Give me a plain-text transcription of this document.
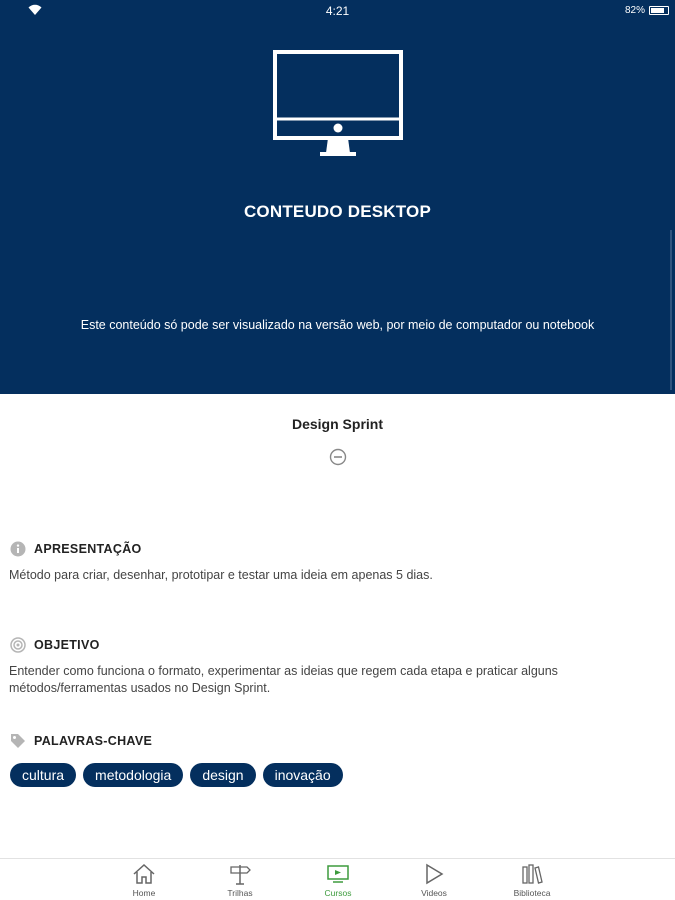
4:21	82%
CONTEUDO DESKTOP
Este conteúdo só pode ser visualizado na versão web, por meio de computador ou notebook
Design Sprint
APRESENTAÇÃO
Método para criar, desenhar, prototipar e testar uma ideia em apenas 5 dias.
OBJETIVO
Entender como funciona o formato, experimentar as ideias que regem cada etapa e praticar alguns métodos/ferramentas usados no Design Sprint.
PALAVRAS-CHAVE
cultura	metodologia	design	inovação
Home	Trilhas	Cursos	Videos	Biblioteca
